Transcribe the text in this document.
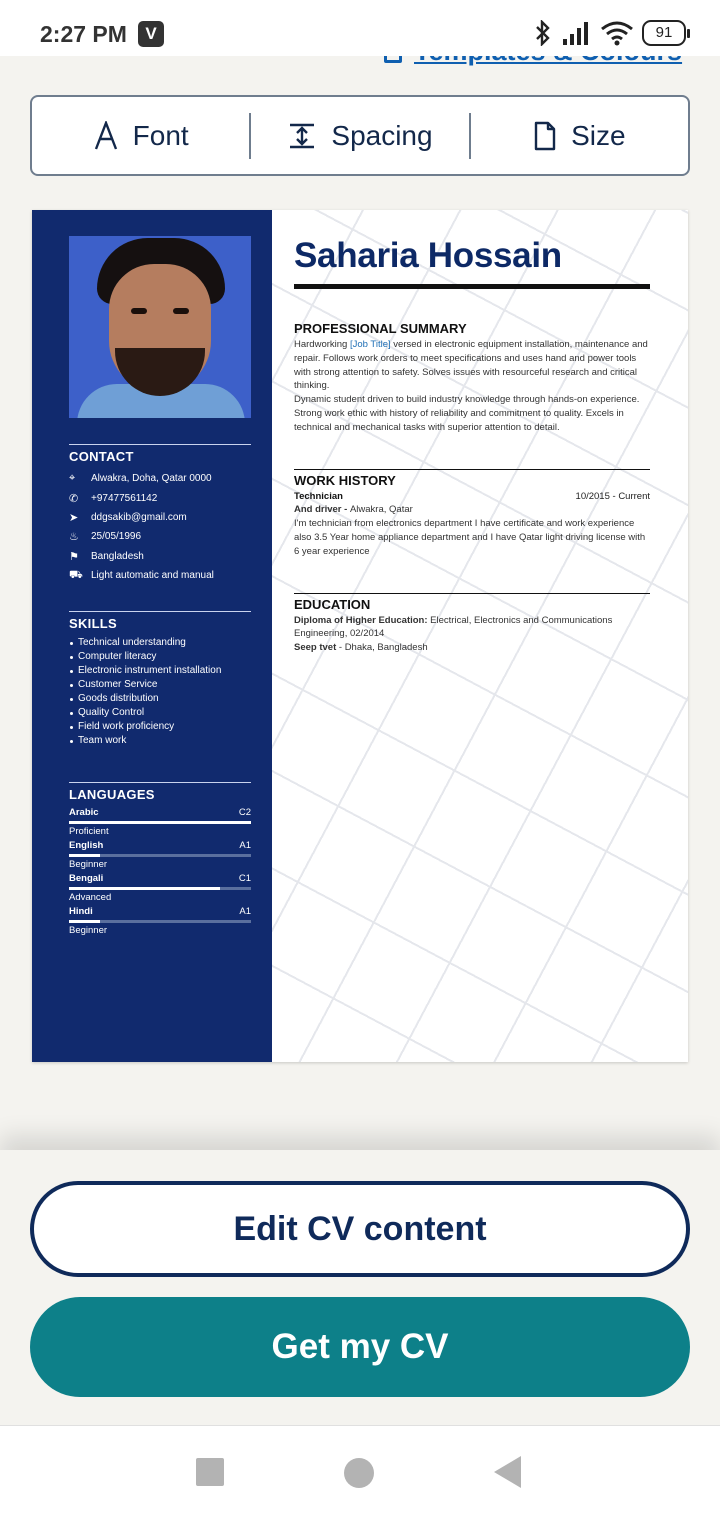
2:27 PM	V	91
Font	Spacing	Size
CONTACT
⌖	Alwakra, Doha, Qatar 0000
✆	+97477561142
➤	ddgsakib@gmail.com
♨	25/05/1996
⚑	Bangladesh
⛟ Light automatic and manual
SKILLS
Technical understanding
Computer literacy
Electronic instrument installation
Customer Service
Goods distribution
Quality Control
Field work proficiency
Team work
LANGUAGES
Arabic	C2
Proficient
English	A1
Beginner
Bengali	C1
Advanced
Hindi	A1
Beginner
Saharia Hossain
PROFESSIONAL SUMMARY

Hardworking [Job Title] versed in electronic equipment installation, maintenance and repair. Follows work orders to meet specifications and uses hand and power tools with strong attention to safety. Solves issues with resourceful research and critical thinking.

Dynamic student driven to build industry knowledge through hands-on experience. Strong work ethic with history of reliability and commitment to quality. Excels in technical and mechanical tasks with superior attention to detail.

WORK HISTORY
Technician	10/2015 - Current
And driver - Alwakra, Qatar

I'm technician from electronics department I have certificate and work experience also 3.5 Year home appliance department and I have Qatar light driving license with 6 year experience

EDUCATION
Diploma of Higher Education: Electrical, Electronics and Communications Engineering, 02/2014
Seep tvet - Dhaka, Bangladesh
Edit CV content
Get my CV
